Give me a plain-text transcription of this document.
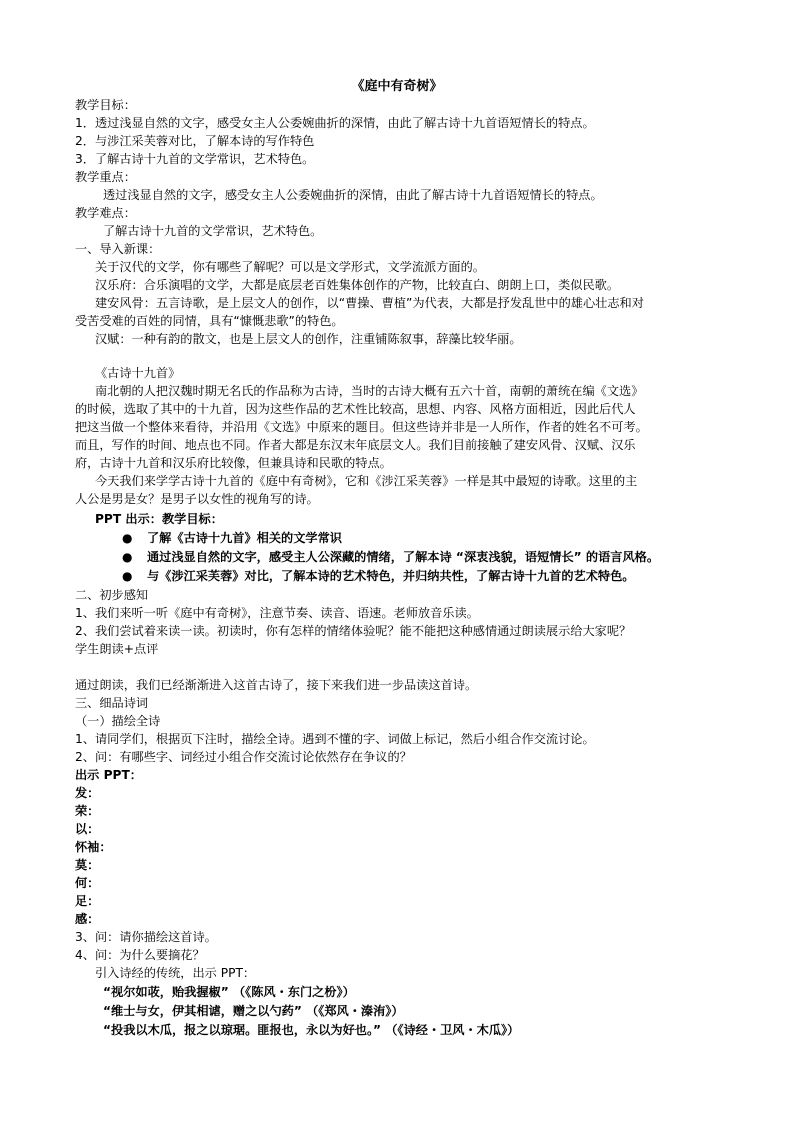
《庭中有奇树》
教学目标：
1．透过浅显自然的文字，感受女主人公委婉曲折的深情，由此了解古诗十九首语短情长的特点。
2．与涉江采芙蓉对比，了解本诗的写作特色
3．了解古诗十九首的文学常识，艺术特色。
教学重点：
透过浅显自然的文字，感受女主人公委婉曲折的深情，由此了解古诗十九首语短情长的特点。
教学难点：
了解古诗十九首的文学常识，艺术特色。
一、导入新课：
关于汉代的文学，你有哪些了解呢？可以是文学形式，文学流派方面的。
汉乐府：合乐演唱的文学，大都是底层老百姓集体创作的产物，比较直白、朗朗上口，类似民歌。
建安风骨：五言诗歌，是上层文人的创作，以“曹操、曹植”为代表，大都是抒发乱世中的雄心壮志和对
受苦受难的百姓的同情，具有“慷慨悲歌”的特色。
汉赋：一种有韵的散文，也是上层文人的创作，注重铺陈叙事，辞藻比较华丽。
《古诗十九首》
南北朝的人把汉魏时期无名氏的作品称为古诗，当时的古诗大概有五六十首，南朝的萧统在编《文选》
的时候，选取了其中的十九首，因为这些作品的艺术性比较高，思想、内容、风格方面相近，因此后代人
把这当做一个整体来看待，并沿用《文选》中原来的题目。但这些诗并非是一人所作，作者的姓名不可考。
而且，写作的时间、地点也不同。作者大都是东汉末年底层文人。我们目前接触了建安风骨、汉赋、汉乐
府，古诗十九首和汉乐府比较像，但兼具诗和民歌的特点。
今天我们来学学古诗十九首的《庭中有奇树》，它和《涉江采芙蓉》一样是其中最短的诗歌。这里的主
人公是男是女？是男子以女性的视角写的诗。
PPT 出示：教学目标：
● 了解《古诗十九首》相关的文学常识
● 通过浅显自然的文字，感受主人公深藏的情绪，了解本诗 “深衷浅貌，语短情长” 的语言风格。
● 与《涉江采芙蓉》对比，了解本诗的艺术特色，并归纳共性，了解古诗十九首的艺术特色。
二、初步感知
1、我们来听一听《庭中有奇树》，注意节奏、读音、语速。老师放音乐读。
2、我们尝试着来读一读。初读时，你有怎样的情绪体验呢？能不能把这种感情通过朗读展示给大家呢？
学生朗读+点评
通过朗读，我们已经渐渐进入这首古诗了，接下来我们进一步品读这首诗。
三、细品诗词
（一）描绘全诗
1、请同学们，根据页下注时，描绘全诗。遇到不懂的字、词做上标记，然后小组合作交流讨论。
2、问：有哪些字、词经过小组合作交流讨论依然存在争议的？
出示 PPT：
发：
荣：
以：
怀袖：
莫：
何：
足：
感：
3、问：请你描绘这首诗。
4、问：为什么要摘花？
引入诗经的传统，出示 PPT：
“视尔如荍，贻我握椒” （《陈风・东门之枌》）
“维士与女，伊其相谑，赠之以勺药” （《郑风・溱洧》）
“投我以木瓜，报之以琼琚。匪报也，永以为好也。” （《诗经・卫风・木瓜》）
